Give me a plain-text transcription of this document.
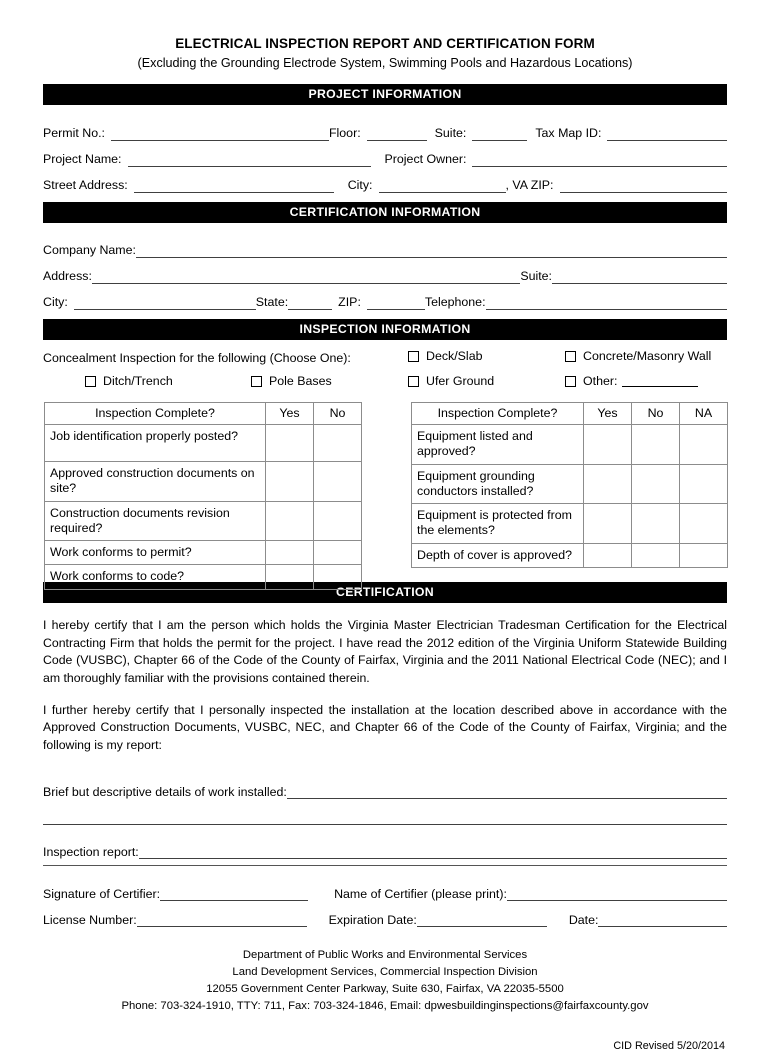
ELECTRICAL INSPECTION REPORT AND CERTIFICATION FORM
(Excluding the Grounding Electrode System, Swimming Pools and Hazardous Locations)
PROJECT INFORMATION
Permit No.:	Floor:	Suite:	Tax Map ID:
Project Name:	Project Owner:
Street Address:	City:	, VA ZIP:
CERTIFICATION INFORMATION
Company Name:
Address:	Suite:
City:	State:	ZIP:	Telephone:
INSPECTION INFORMATION
Concealment Inspection for the following (Choose One):	Deck/Slab	Concrete/Masonry Wall
Ditch/Trench	Pole Bases	Ufer Ground	Other:
Inspection Complete?	Yes	No
Job identification properly posted?		
Approved construction documents on site?		
Construction documents revision required?		
Work conforms to permit?		
Work conforms to code?		
Inspection Complete?	Yes	No	NA
Equipment listed and approved?			
Equipment grounding conductors installed?			
Equipment is protected from the elements?			
Depth of cover is approved?			
CERTIFICATION

I hereby certify that I am the person which holds the Virginia Master Electrician Tradesman Certification for the Electrical Contracting Firm that holds the permit for the project. I have read the 2012 edition of the Virginia Uniform Statewide Building Code (VUSBC), Chapter 66 of the Code of the County of Fairfax, Virginia and the 2011 National Electrical Code (NEC); and I am thoroughly familiar with the provisions contained therein.

I further hereby certify that I personally inspected the installation at the location described above in accordance with the Approved Construction Documents, VUSBC, NEC, and Chapter 66 of the Code of the County of Fairfax, Virginia; and the following is my report:

Brief but descriptive details of work installed:
Inspection report:
Signature of Certifier:	Name of Certifier (please print):
License Number:	Expiration Date:	Date:
Department of Public Works and Environmental Services
Land Development Services, Commercial Inspection Division
12055 Government Center Parkway, Suite 630, Fairfax, VA 22035-5500
Phone: 703-324-1910, TTY: 711, Fax: 703-324-1846, Email: dpwesbuildinginspections@fairfaxcounty.gov
CID Revised 5/20/2014
